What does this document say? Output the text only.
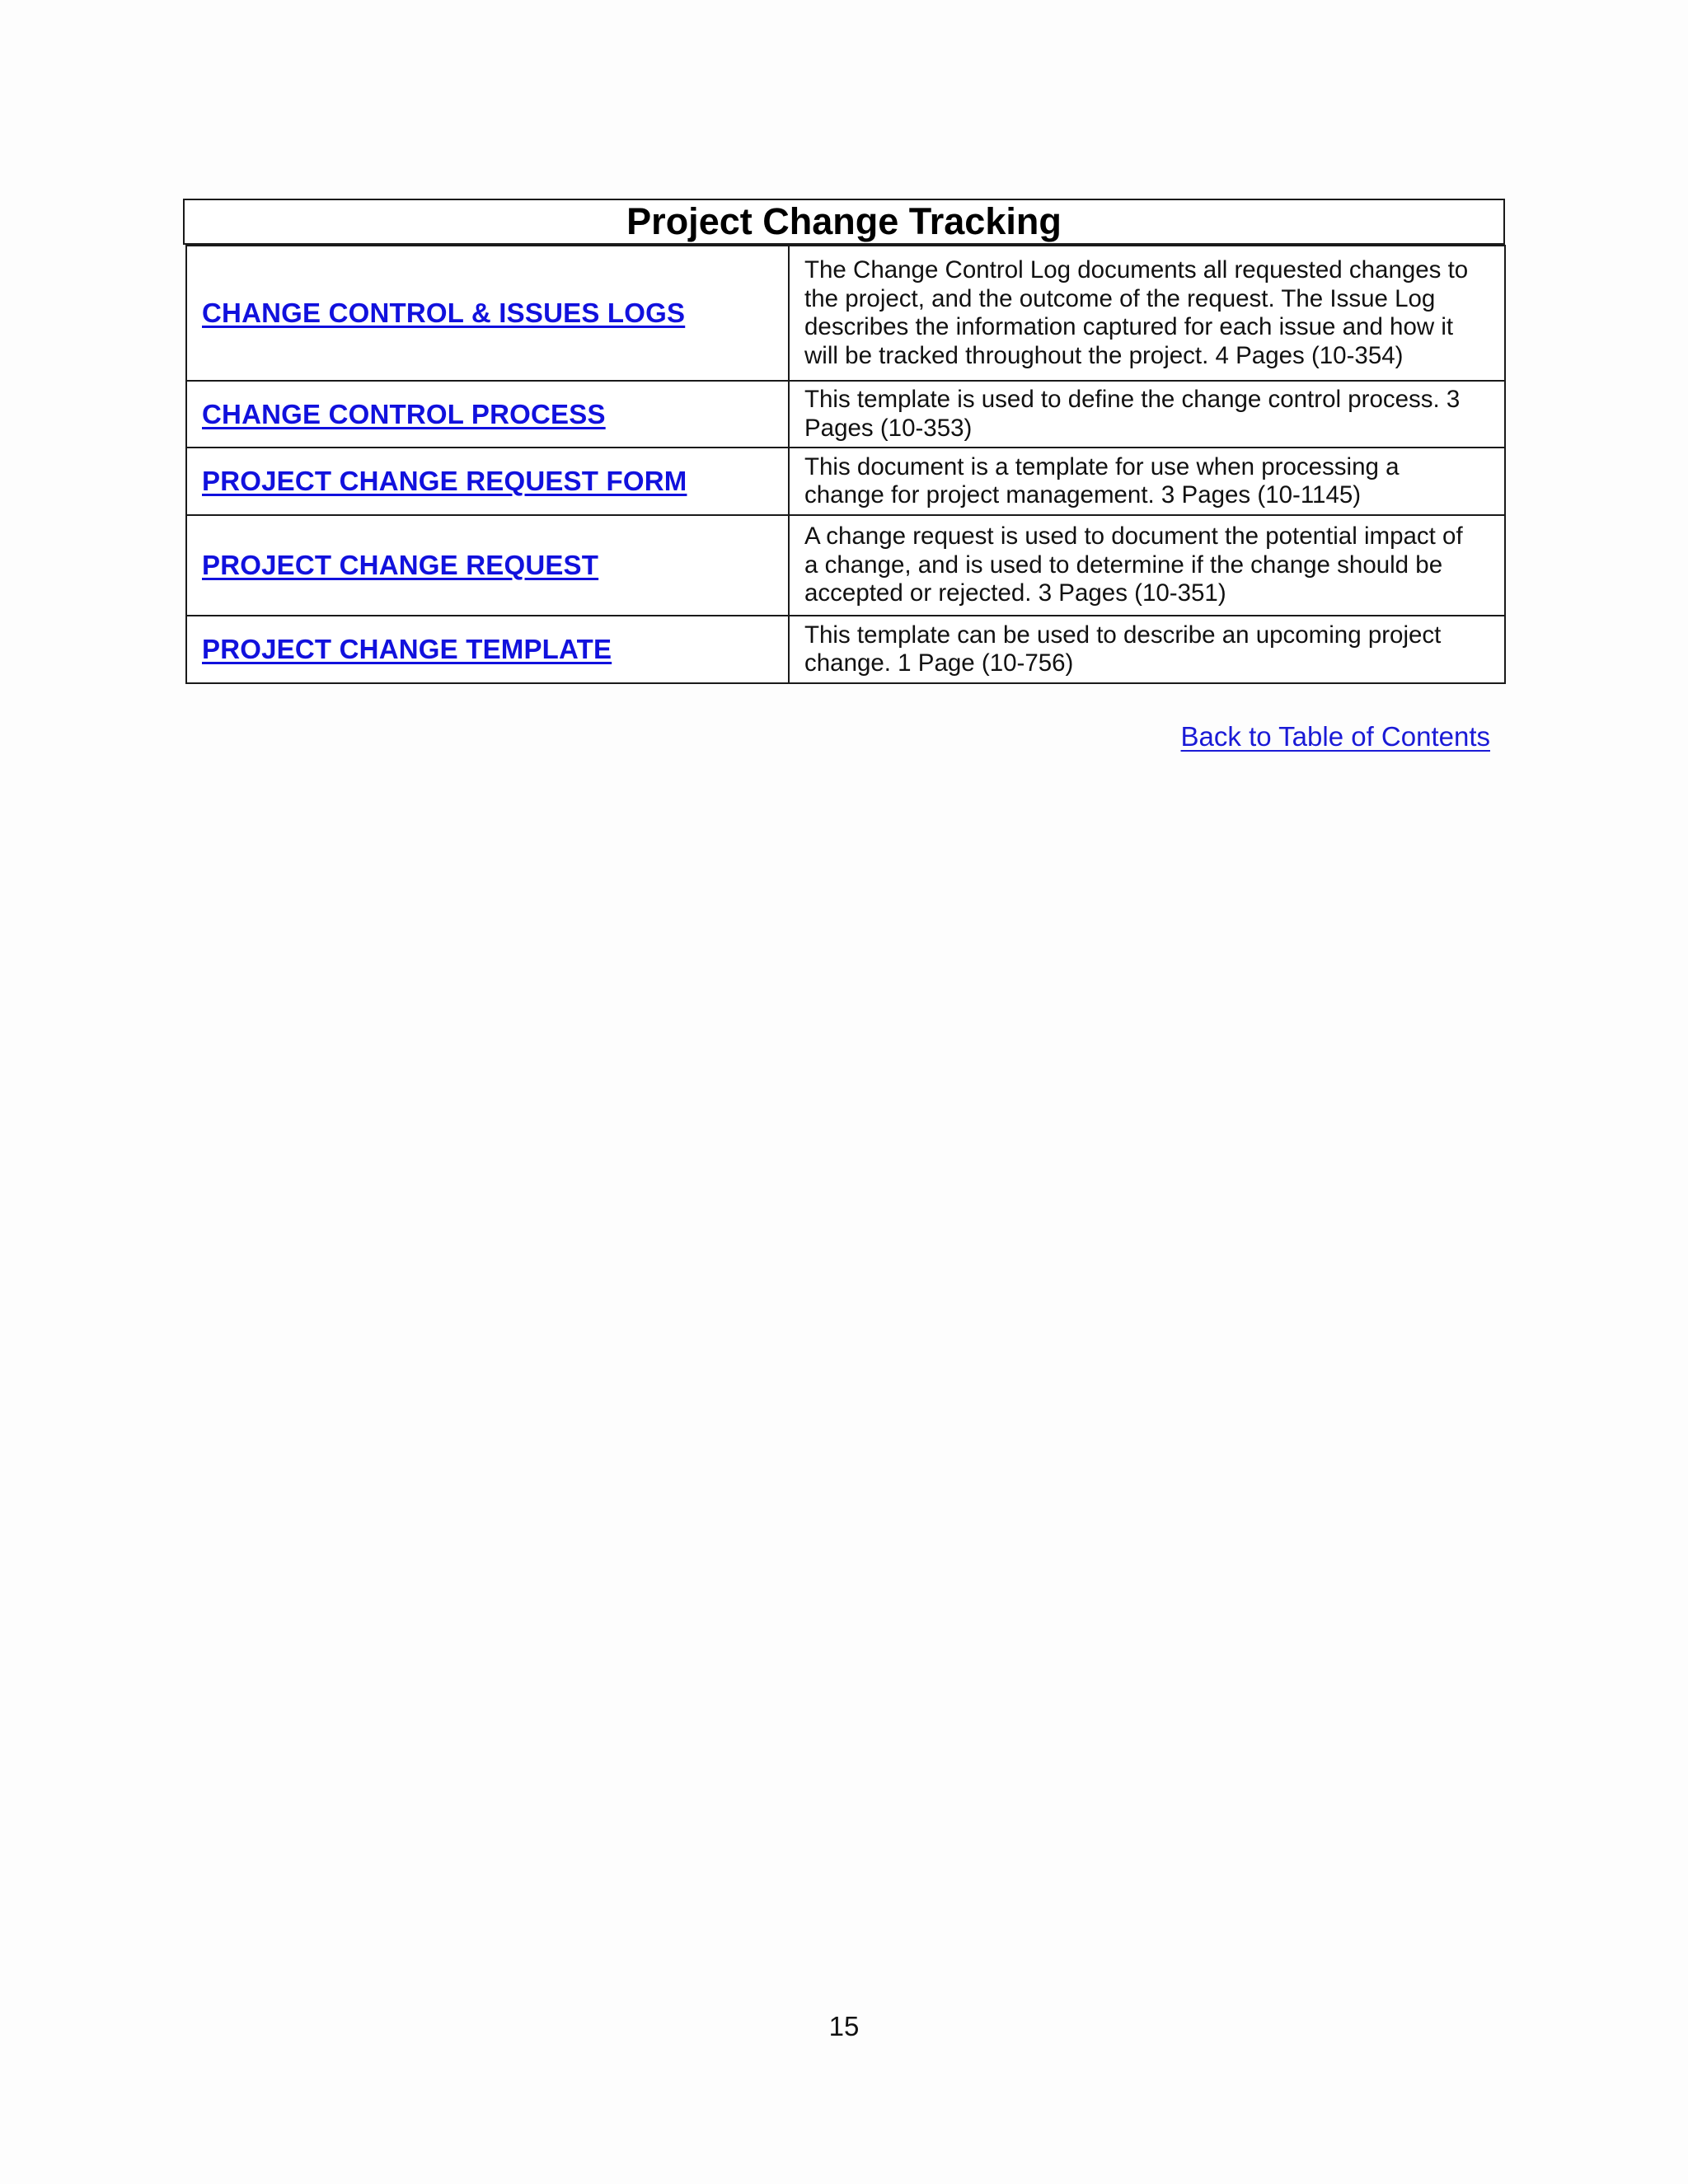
Project Change Tracking
CHANGE CONTROL & ISSUES LOGS	The Change Control Log documents all requested changes to
the project, and the outcome of the request. The Issue Log
describes the information captured for each issue and how it
will be tracked throughout the project. 4 Pages (10-354)

CHANGE CONTROL PROCESS	This template is used to define the change control process. 3
Pages (10-353)

PROJECT CHANGE REQUEST FORM	This document is a template for use when processing a
change for project management. 3 Pages (10-1145)

PROJECT CHANGE REQUEST	A change request is used to document the potential impact of
a change, and is used to determine if the change should be
accepted or rejected. 3 Pages (10-351)

PROJECT CHANGE TEMPLATE	This template can be used to describe an upcoming project
change. 1 Page (10-756)
Back to Table of Contents
15
